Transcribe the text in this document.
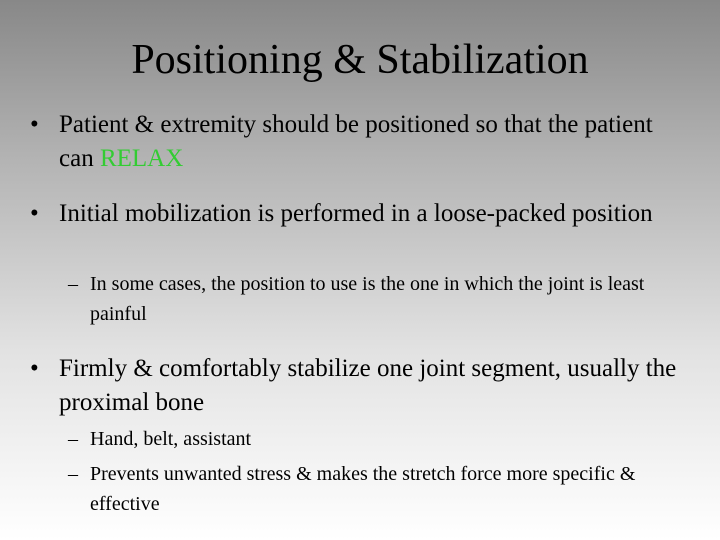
Positioning & Stabilization
• Patient & extremity should be positioned so that the patient can RELAX
• Initial mobilization is performed in a loose-packed position
– In some cases, the position to use is the one in which the joint is least painful
• Firmly & comfortably stabilize one joint segment, usually the proximal bone
– Hand, belt, assistant
– Prevents unwanted stress & makes the stretch force more specific & effective
